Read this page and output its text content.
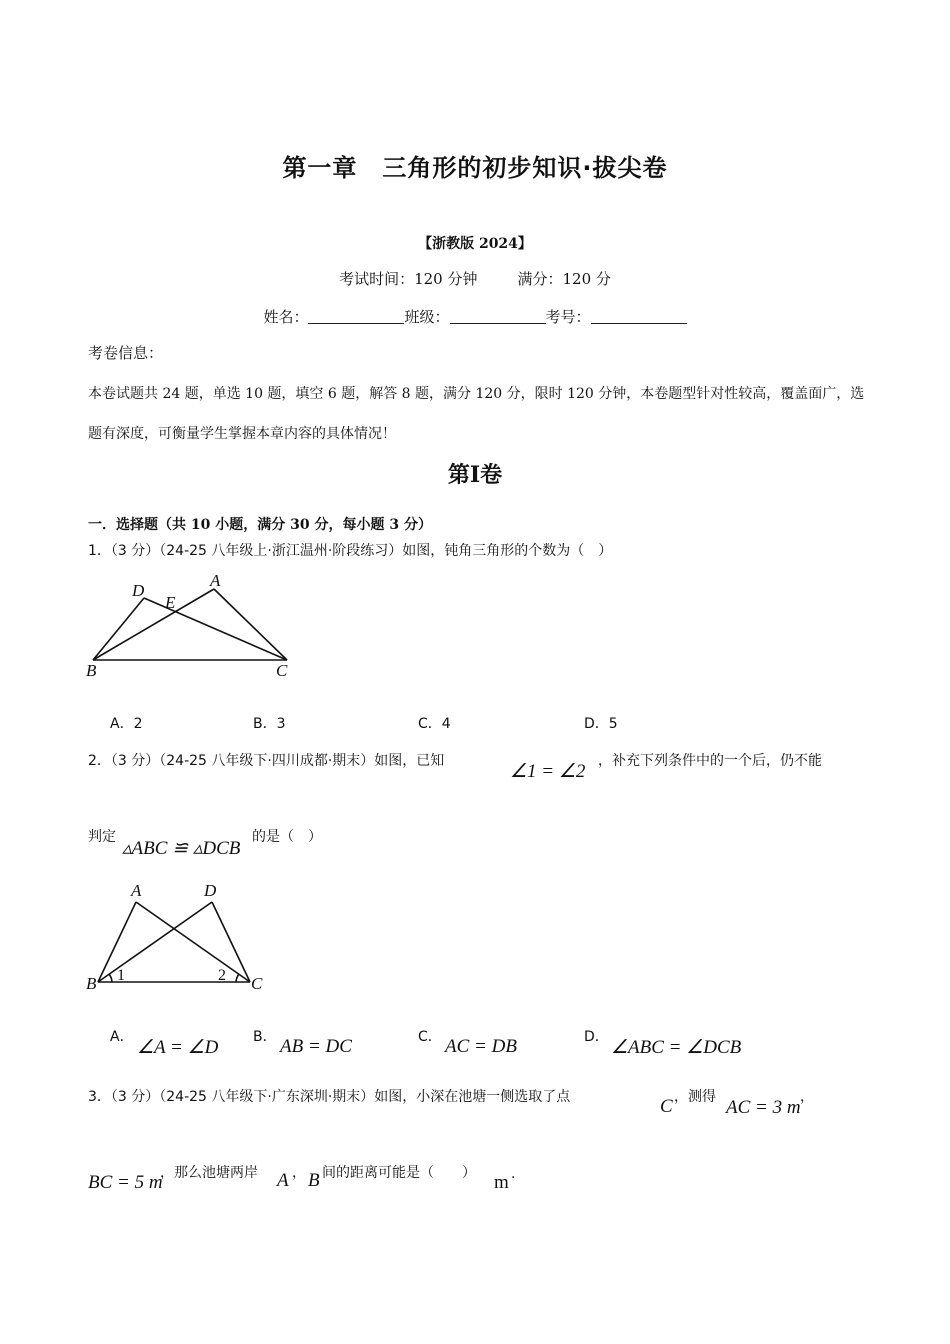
第一章　三角形的初步知识·拔尖卷
【浙教版 2024】
考试时间：120 分钟	满分：120 分
姓名：	班级：	考号：
考卷信息：
本卷试题共 24 题，单选 10 题，填空 6 题，解答 8 题，满分 120 分，限时 120 分钟，本卷题型针对性较高，覆盖面广，选题有深度，可衡量学生掌握本章内容的具体情况！
第Ⅰ卷
一．选择题（共 10 小题，满分 30 分，每小题 3 分）
1．（3 分）（24-25 八年级上·浙江温州·阶段练习）如图，钝角三角形的个数为（　）
D
E
A
B	C
A．2	B．3	C．4	D．5
2．（3 分）（24-25 八年级下·四川成都·期末）如图，已知	∠1 = ∠2 ，补充下列条件中的一个后，仍不能
判定
▵ABC ≌ ▵DCB
的是（　）
A	D
B	C
1	2
A． ∠A = ∠D B． AB = DC	C． AC = DB	D． ∠ABC = ∠DCB
3．（3 分）（24-25 八年级下·广东深圳·期末）如图，小深在池塘一侧选取了点	C ，测得 AC = 3 m ，
BC = 5 m
，那么池塘两岸 A ， B 间的距离可能是（　　） m .
